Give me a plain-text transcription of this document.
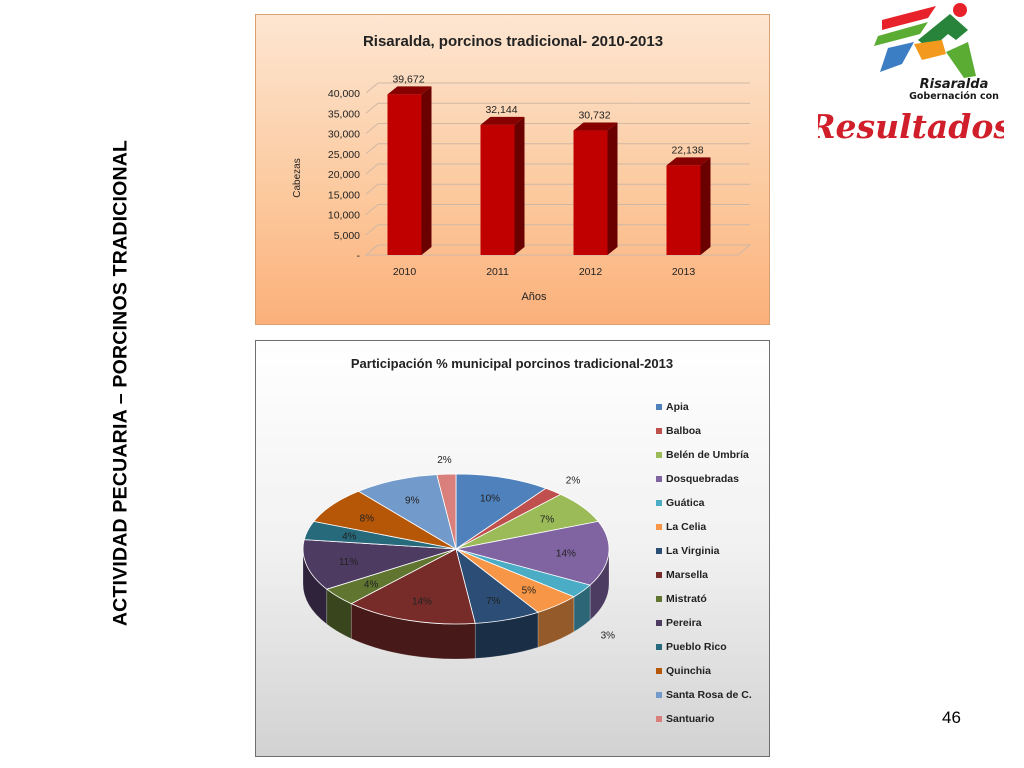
ACTIVIDAD PECUARIA – PORCINOS TRADICIONAL
Risaralda, porcinos tradicional- 2010-2013
Años
Cabezas
-
5,000
10,000
15,000
20,000
25,000
30,000
35,000
40,000
39,672
2010
32,144
2011
30,732
2012
22,138
2013
Participación % municipal porcinos tradicional-2013
10%
2%
7%
14%
3%
5%
7%
14%
4%
11%
4%
8%
9%
2%
Apia
Balboa
Belén de Umbría
Dosquebradas
Guática
La Celia
La Virginia
Marsella
Mistrató
Pereira
Pueblo Rico
Quinchia
Santa Rosa de C.
Santuario
Risaralda
Gobernación con
Resultados
46
